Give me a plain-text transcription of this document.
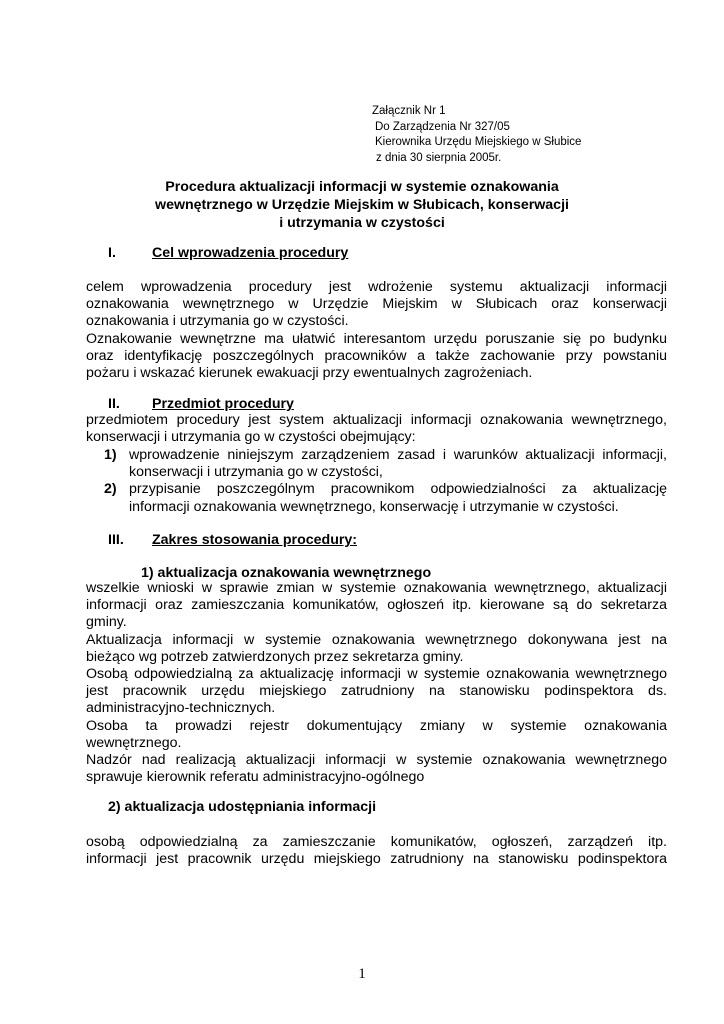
Załącznik Nr 1
Do Zarządzenia Nr 327/05
Kierownika Urzędu Miejskiego w Słubice
z dnia 30 sierpnia 2005r.
Procedura aktualizacji informacji w systemie oznakowania
wewnętrznego w Urzędzie Miejskim w Słubicach, konserwacji
i utrzymania w czystości
I.	Cel wprowadzenia procedury
celem wprowadzenia procedury jest wdrożenie systemu aktualizacji informacji
oznakowania wewnętrznego w Urzędzie Miejskim w Słubicach oraz konserwacji
oznakowania i utrzymania go w czystości.
Oznakowanie wewnętrzne ma ułatwić interesantom urzędu poruszanie się po budynku
oraz identyfikację poszczególnych pracowników a także zachowanie przy powstaniu
pożaru i wskazać kierunek ewakuacji przy ewentualnych zagrożeniach.
II. Przedmiot procedury
przedmiotem procedury jest system aktualizacji informacji oznakowania wewnętrznego,
konserwacji i utrzymania go w czystości obejmujący:
1) wprowadzenie niniejszym zarządzeniem zasad i warunków aktualizacji informacji,
konserwacji i utrzymania go w czystości,
2) przypisanie poszczególnym pracownikom odpowiedzialności za aktualizację
informacji oznakowania wewnętrznego, konserwację i utrzymanie w czystości.
III. Zakres stosowania procedury:
1) aktualizacja oznakowania wewnętrznego
wszelkie wnioski w sprawie zmian w systemie oznakowania wewnętrznego, aktualizacji
informacji oraz zamieszczania komunikatów, ogłoszeń itp. kierowane są do sekretarza
gminy.
Aktualizacja informacji w systemie oznakowania wewnętrznego dokonywana jest na
bieżąco wg potrzeb zatwierdzonych przez sekretarza gminy.
Osobą odpowiedzialną za aktualizację informacji w systemie oznakowania wewnętrznego
jest pracownik urzędu miejskiego zatrudniony na stanowisku podinspektora ds.
administracyjno-technicznych.
Osoba ta prowadzi rejestr dokumentujący zmiany w systemie oznakowania
wewnętrznego.
Nadzór nad realizacją aktualizacji informacji w systemie oznakowania wewnętrznego
sprawuje kierownik referatu administracyjno-ogólnego
2) aktualizacja udostępniania informacji
osobą odpowiedzialną za zamieszczanie komunikatów, ogłoszeń, zarządzeń itp.
informacji jest pracownik urzędu miejskiego zatrudniony na stanowisku podinspektora
1
